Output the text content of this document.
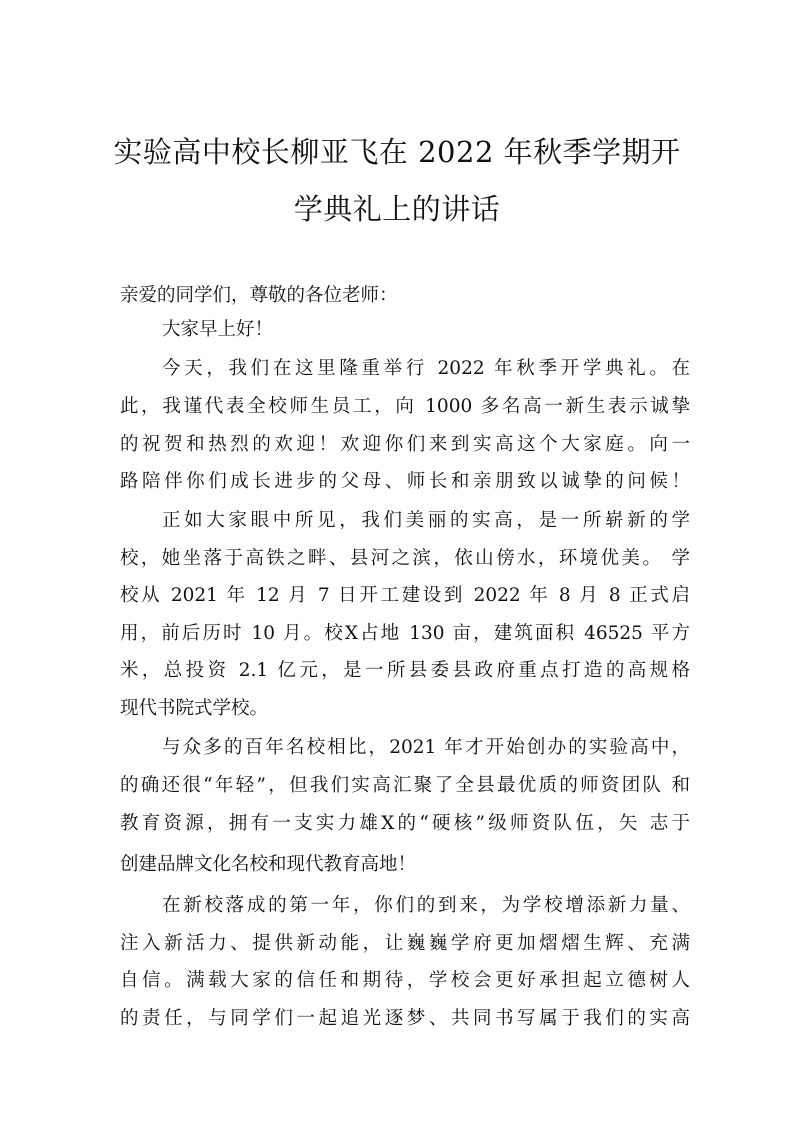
实验高中校长柳亚飞在 2022 年秋季学期开
学典礼上的讲话
亲爱的同学们，尊敬的各位老师：
大家早上好！
今天，我们在这里隆重举行 2022 年秋季开学典礼。在
此，我谨代表全校师生员工，向 1000 多名高一新生表示诚挚
的祝贺和热烈的欢迎！欢迎你们来到实高这个大家庭。向一
路陪伴你们成长进步的父母、师长和亲朋致以诚挚的问候！
正如大家眼中所见，我们美丽的实高，是一所崭新的学
校，她坐落于高铁之畔、县河之滨，依山傍水，环境优美。 学
校从 2021 年 12 月 7 日开工建设到 2022 年 8 月 8 正式启
用，前后历时 10 月。校X占地 130 亩，建筑面积 46525 平方
米，总投资 2.1 亿元，是一所县委县政府重点打造的高规格
现代书院式学校。
与众多的百年名校相比，2021 年才开始创办的实验高中，
的确还很“年轻”，但我们实高汇聚了全县最优质的师资团队 和
教育资源，拥有一支实力雄X的“硬核”级师资队伍，矢 志于
创建品牌文化名校和现代教育高地！
在新校落成的第一年，你们的到来，为学校增添新力量、
注入新活力、提供新动能，让巍巍学府更加熠熠生辉、充满
自信。满载大家的信任和期待，学校会更好承担起立德树人
的责任，与同学们一起追光逐梦、共同书写属于我们的实高
